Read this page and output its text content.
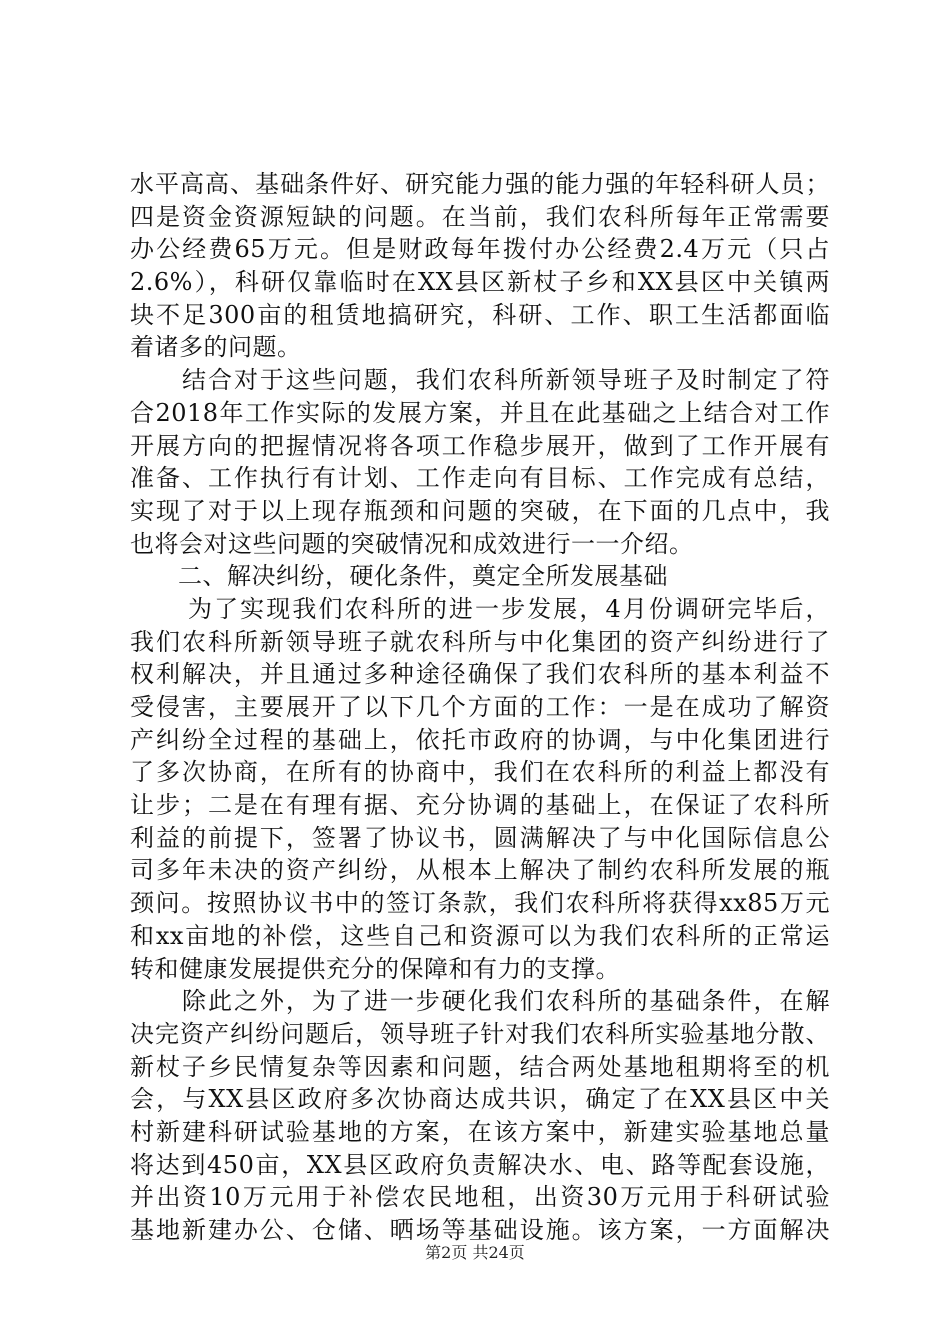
水平高高、基础条件好、研究能力强的能力强的年轻科研人员；
四是资金资源短缺的问题。在当前，我们农科所每年正常需要
办公经费65万元。但是财政每年拨付办公经费2.4万元（只占
2.6%），科研仅靠临时在XX县区新杖子乡和XX县区中关镇两
块不足300亩的租赁地搞研究，科研、工作、职工生活都面临
着诸多的问题。
结合对于这些问题，我们农科所新领导班子及时制定了符
合2018年工作实际的发展方案，并且在此基础之上结合对工作
开展方向的把握情况将各项工作稳步展开，做到了工作开展有
准备、工作执行有计划、工作走向有目标、工作完成有总结，
实现了对于以上现存瓶颈和问题的突破，在下面的几点中，我
也将会对这些问题的突破情况和成效进行一一介绍。
二、解决纠纷，硬化条件，奠定全所发展基础
为了实现我们农科所的进一步发展，4月份调研完毕后，
我们农科所新领导班子就农科所与中化集团的资产纠纷进行了
权利解决，并且通过多种途径确保了我们农科所的基本利益不
受侵害，主要展开了以下几个方面的工作：一是在成功了解资
产纠纷全过程的基础上，依托市政府的协调，与中化集团进行
了多次协商，在所有的协商中，我们在农科所的利益上都没有
让步；二是在有理有据、充分协调的基础上，在保证了农科所
利益的前提下，签署了协议书，圆满解决了与中化国际信息公
司多年未决的资产纠纷，从根本上解决了制约农科所发展的瓶
颈问。按照协议书中的签订条款，我们农科所将获得xx85万元
和xx亩地的补偿，这些自己和资源可以为我们农科所的正常运
转和健康发展提供充分的保障和有力的支撑。
除此之外，为了进一步硬化我们农科所的基础条件，在解
决完资产纠纷问题后，领导班子针对我们农科所实验基地分散、
新杖子乡民情复杂等因素和问题，结合两处基地租期将至的机
会，与XX县区政府多次协商达成共识，确定了在XX县区中关
村新建科研试验基地的方案，在该方案中，新建实验基地总量
将达到450亩，XX县区政府负责解决水、电、路等配套设施，
并出资10万元用于补偿农民地租，出资30万元用于科研试验
基地新建办公、仓储、晒场等基础设施。该方案，一方面解决
第2页 共24页
